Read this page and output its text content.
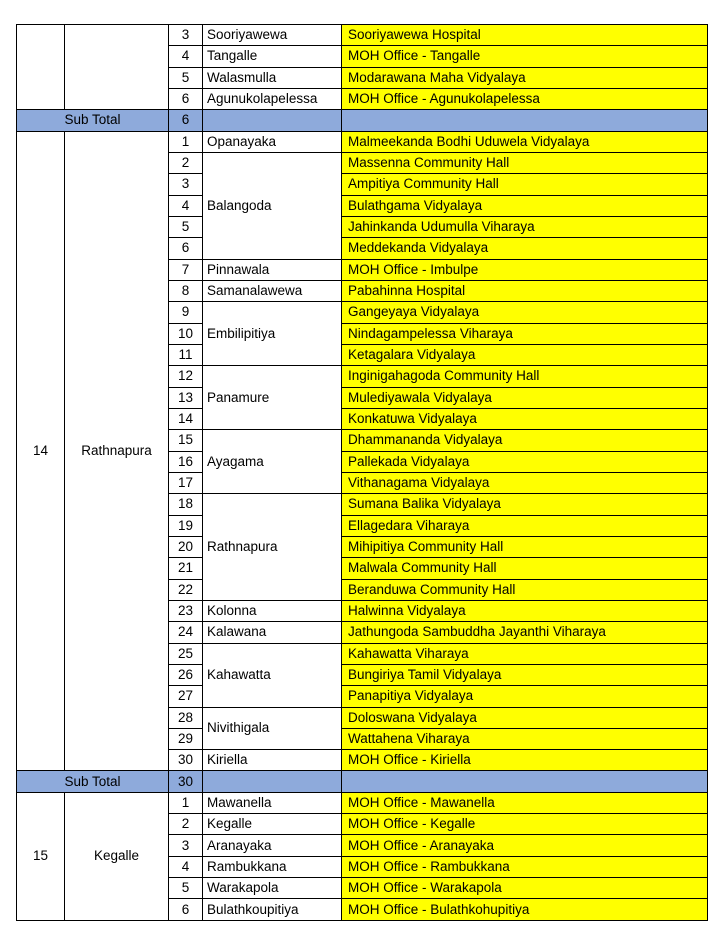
		3	Sooriyawewa	Sooriyawewa Hospital
		4	Tangalle	MOH Office - Tangalle
		5	Walasmulla	Modarawana Maha Vidyalaya
		6	Agunukolapelessa	MOH Office - Agunukolapelessa
Sub Total		6		
14	Rathnapura	1	Opanayaka	Malmeekanda Bodhi Uduwela Vidyalaya
		2	Balangoda	Massenna Community Hall
		3		Ampitiya Community Hall
		4		Bulathgama Vidyalaya
		5		Jahinkanda Udumulla Viharaya
		6		Meddekanda Vidyalaya
		7	Pinnawala	MOH Office - Imbulpe
		8	Samanalawewa	Pabahinna Hospital
		9	Embilipitiya	Gangeyaya Vidyalaya
		10		Nindagampelessa Viharaya
		11		Ketagalara Vidyalaya
		12	Panamure	Inginigahagoda Community Hall
		13		Mulediyawala Vidyalaya
		14		Konkatuwa Vidyalaya
		15	Ayagama	Dhammananda Vidyalaya
		16		Pallekada Vidyalaya
		17		Vithanagama Vidyalaya
		18	Rathnapura	Sumana Balika Vidyalaya
		19		Ellagedara Viharaya
		20		Mihipitiya Community Hall
		21		Malwala Community Hall
		22		Beranduwa Community Hall
		23	Kolonna	Halwinna Vidyalaya
		24	Kalawana	Jathungoda Sambuddha Jayanthi Viharaya
		25	Kahawatta	Kahawatta Viharaya
		26		Bungiriya Tamil Vidyalaya
		27		Panapitiya Vidyalaya
		28	Nivithigala	Doloswana Vidyalaya
		29		Wattahena Viharaya
		30	Kiriella	MOH Office - Kiriella
Sub Total		30		
15	Kegalle	1	Mawanella	MOH Office - Mawanella
		2	Kegalle	MOH Office - Kegalle
		3	Aranayaka	MOH Office - Aranayaka
		4	Rambukkana	MOH Office - Rambukkana
		5	Warakapola	MOH Office - Warakapola
		6	Bulathkoupitiya	MOH Office - Bulathkohupitiya
